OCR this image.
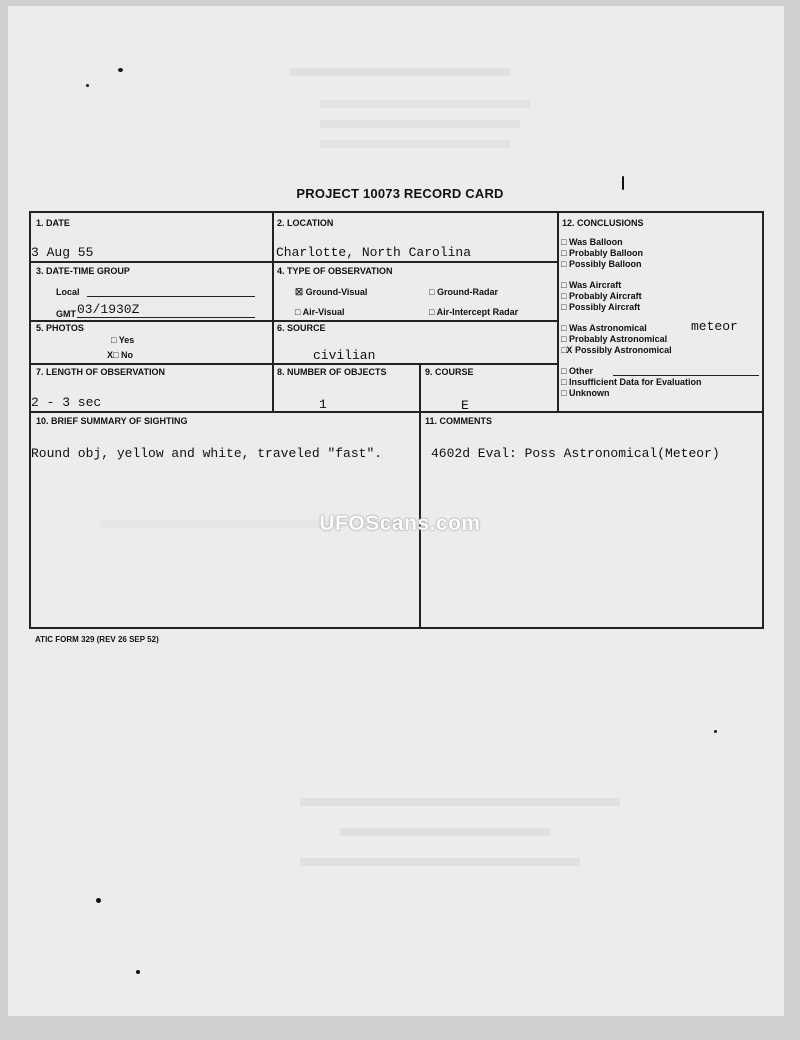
PROJECT 10073 RECORD CARD
1. DATE
3 Aug 55
2. LOCATION
Charlotte, North Carolina
3. DATE-TIME GROUP
Local
GMT 03/1930Z
4. TYPE OF OBSERVATION
☒ Ground-Visual	□ Ground-Radar
□ Air-Visual	□ Air-Intercept Radar
5. PHOTOS
□ Yes
X□ No
6. SOURCE
civilian
7. LENGTH OF OBSERVATION
2 - 3 sec
8. NUMBER OF OBJECTS
1
9. COURSE
E
10. BRIEF SUMMARY OF SIGHTING
Round obj, yellow and white, traveled "fast".
11. COMMENTS
4602d Eval: Poss Astronomical(Meteor)
12. CONCLUSIONS
□ Was Balloon
□ Probably Balloon
□ Possibly Balloon
□ Was Aircraft
□ Probably Aircraft
□ Possibly Aircraft
□ Was Astronomical	meteor
□ Probably Astronomical
□X Possibly Astronomical
□ Other
□ Insufficient Data for Evaluation
□ Unknown
UFOScans.com
ATIC FORM 329 (REV 26 SEP 52)
